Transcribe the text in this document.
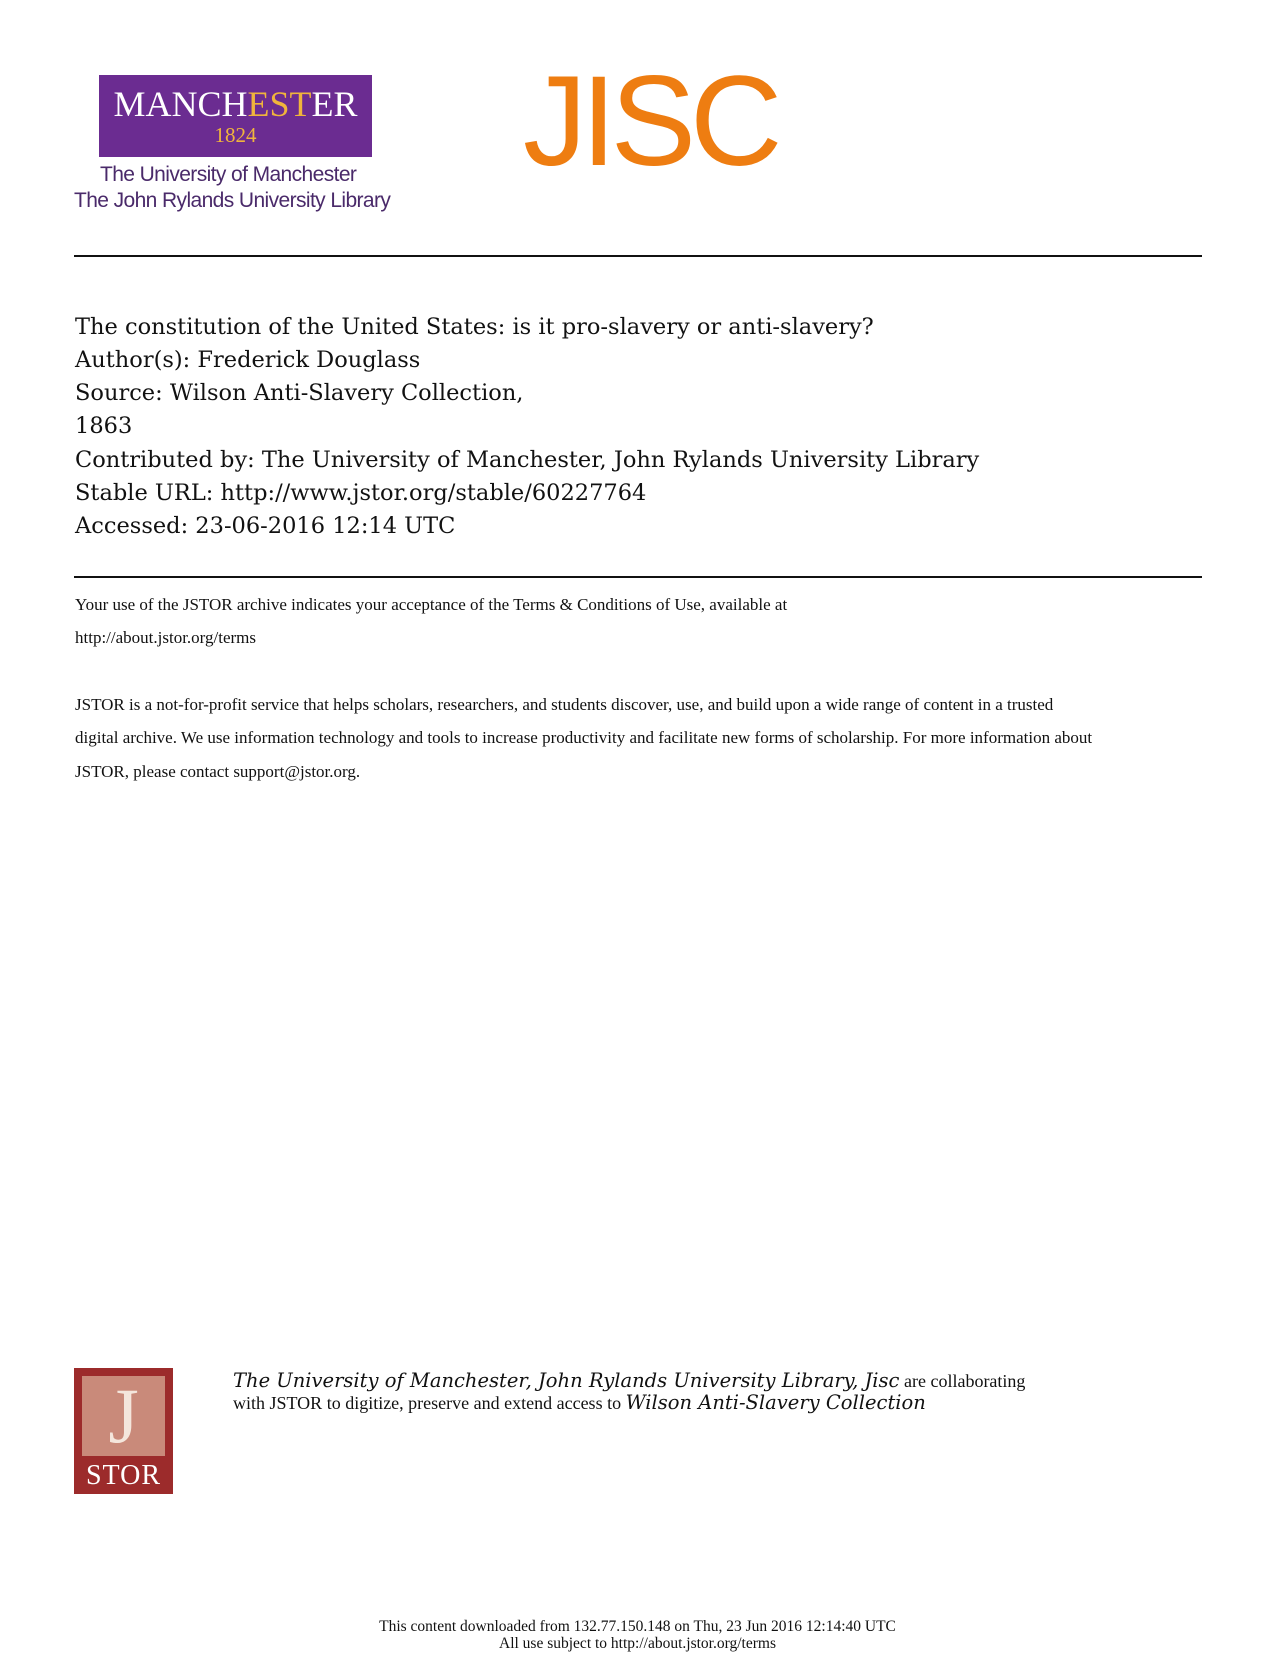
MANCHESTER
1824
The University of Manchester
The John Rylands University Library
JISC
The constitution of the United States: is it pro-slavery or anti-slavery?
Author(s): Frederick Douglass
Source: Wilson Anti-Slavery Collection,
1863
Contributed by: The University of Manchester, John Rylands University Library
Stable URL: http://www.jstor.org/stable/60227764
Accessed: 23-06-2016 12:14 UTC
Your use of the JSTOR archive indicates your acceptance of the Terms & Conditions of Use, available at
http://about.jstor.org/terms
JSTOR is a not-for-profit service that helps scholars, researchers, and students discover, use, and build upon a wide range of content in a trusted
digital archive. We use information technology and tools to increase productivity and facilitate new forms of scholarship. For more information about
JSTOR, please contact support@jstor.org.
J
STOR
The University of Manchester, John Rylands University Library, Jisc are collaborating
with JSTOR to digitize, preserve and extend access to Wilson Anti-Slavery Collection
This content downloaded from 132.77.150.148 on Thu, 23 Jun 2016 12:14:40 UTC
All use subject to http://about.jstor.org/terms
